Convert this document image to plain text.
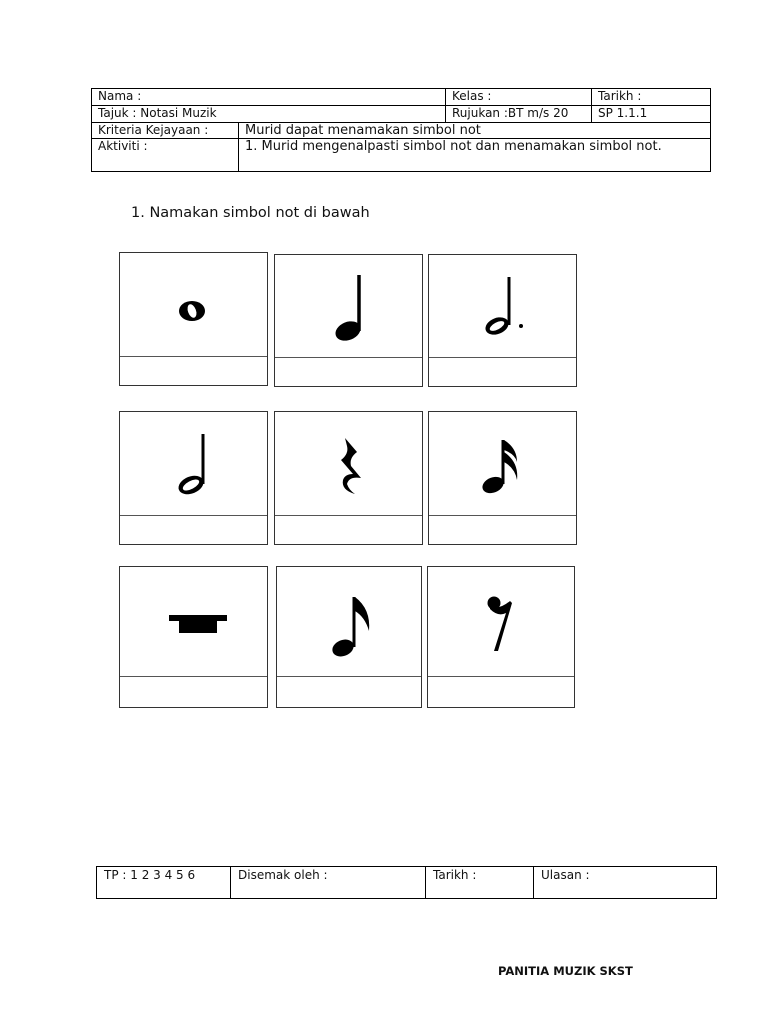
Nama :	Kelas :	Tarikh :
Tajuk : Notasi Muzik	Rujukan :BT m/s 20	SP 1.1.1
Kriteria Kejayaan :	Murid dapat menamakan simbol not
Aktiviti :	1. Murid mengenalpasti simbol not dan menamakan simbol not.
1. Namakan simbol not di bawah
TP : 1 2 3 4 5 6	Disemak oleh :	Tarikh :	Ulasan :
PANITIA MUZIK SKST
